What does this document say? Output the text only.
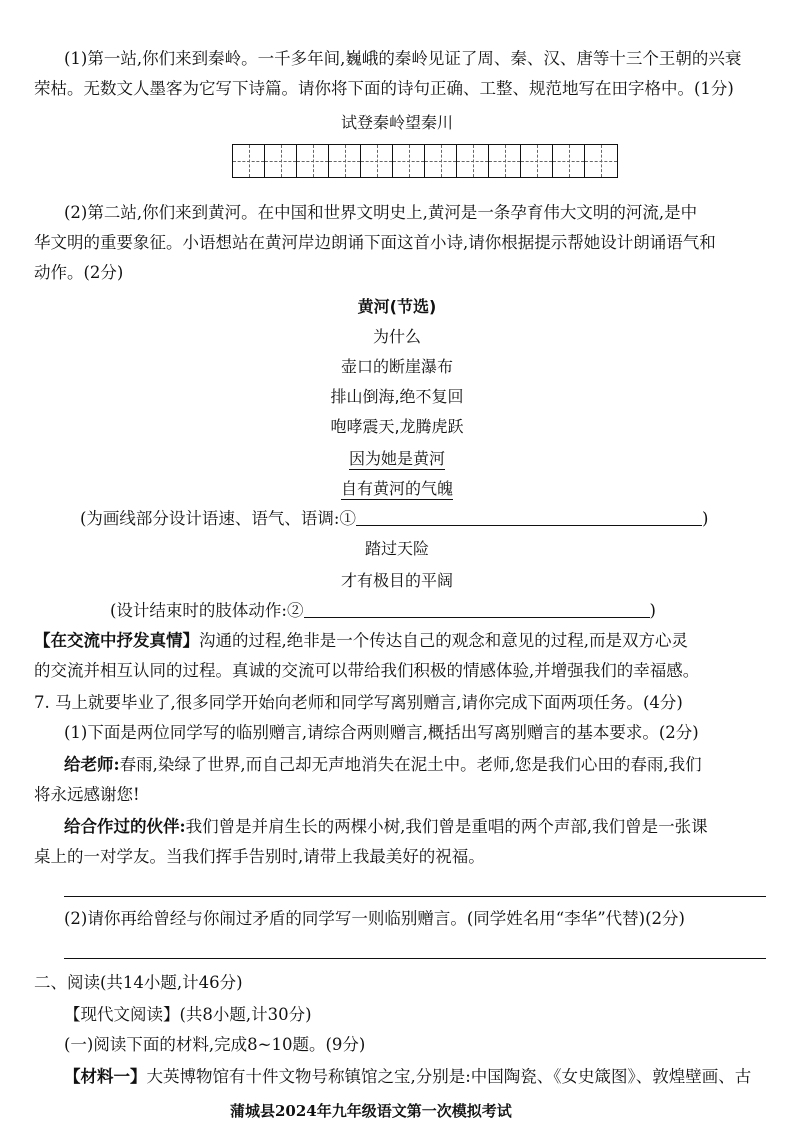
(1)第一站,你们来到秦岭。一千多年间,巍峨的秦岭见证了周、秦、汉、唐等十三个王朝的兴衰
荣枯。无数文人墨客为它写下诗篇。请你将下面的诗句正确、工整、规范地写在田字格中。(1分)
试登秦岭望秦川
(2)第二站,你们来到黄河。在中国和世界文明史上,黄河是一条孕育伟大文明的河流,是中
华文明的重要象征。小语想站在黄河岸边朗诵下面这首小诗,请你根据提示帮她设计朗诵语气和
动作。(2分)
黄河(节选)
为什么
壶口的断崖瀑布
排山倒海,绝不复回
咆哮震天,龙腾虎跃
因为她是黄河
自有黄河的气魄
(为画线部分设计语速、语气、语调:①	)
踏过天险
才有极目的平阔
(设计结束时的肢体动作:②	)
【在交流中抒发真情】沟通的过程,绝非是一个传达自己的观念和意见的过程,而是双方心灵
的交流并相互认同的过程。真诚的交流可以带给我们积极的情感体验,并增强我们的幸福感。
7. 马上就要毕业了,很多同学开始向老师和同学写离别赠言,请你完成下面两项任务。(4分)
(1)下面是两位同学写的临别赠言,请综合两则赠言,概括出写离别赠言的基本要求。(2分)
给老师:春雨,染绿了世界,而自己却无声地消失在泥土中。老师,您是我们心田的春雨,我们
将永远感谢您!
给合作过的伙伴:我们曾是并肩生长的两棵小树,我们曾是重唱的两个声部,我们曾是一张课
桌上的一对学友。当我们挥手告别时,请带上我最美好的祝福。
(2)请你再给曾经与你闹过矛盾的同学写一则临别赠言。(同学姓名用“李华”代替)(2分)
二、阅读(共14小题,计46分)
【现代文阅读】(共8小题,计30分)
(一)阅读下面的材料,完成8~10题。(9分)
【材料一】大英博物馆有十件文物号称镇馆之宝,分别是:中国陶瓷、《女史箴图》、敦煌壁画、古
蒲城县2024年九年级语文第一次模拟考试
